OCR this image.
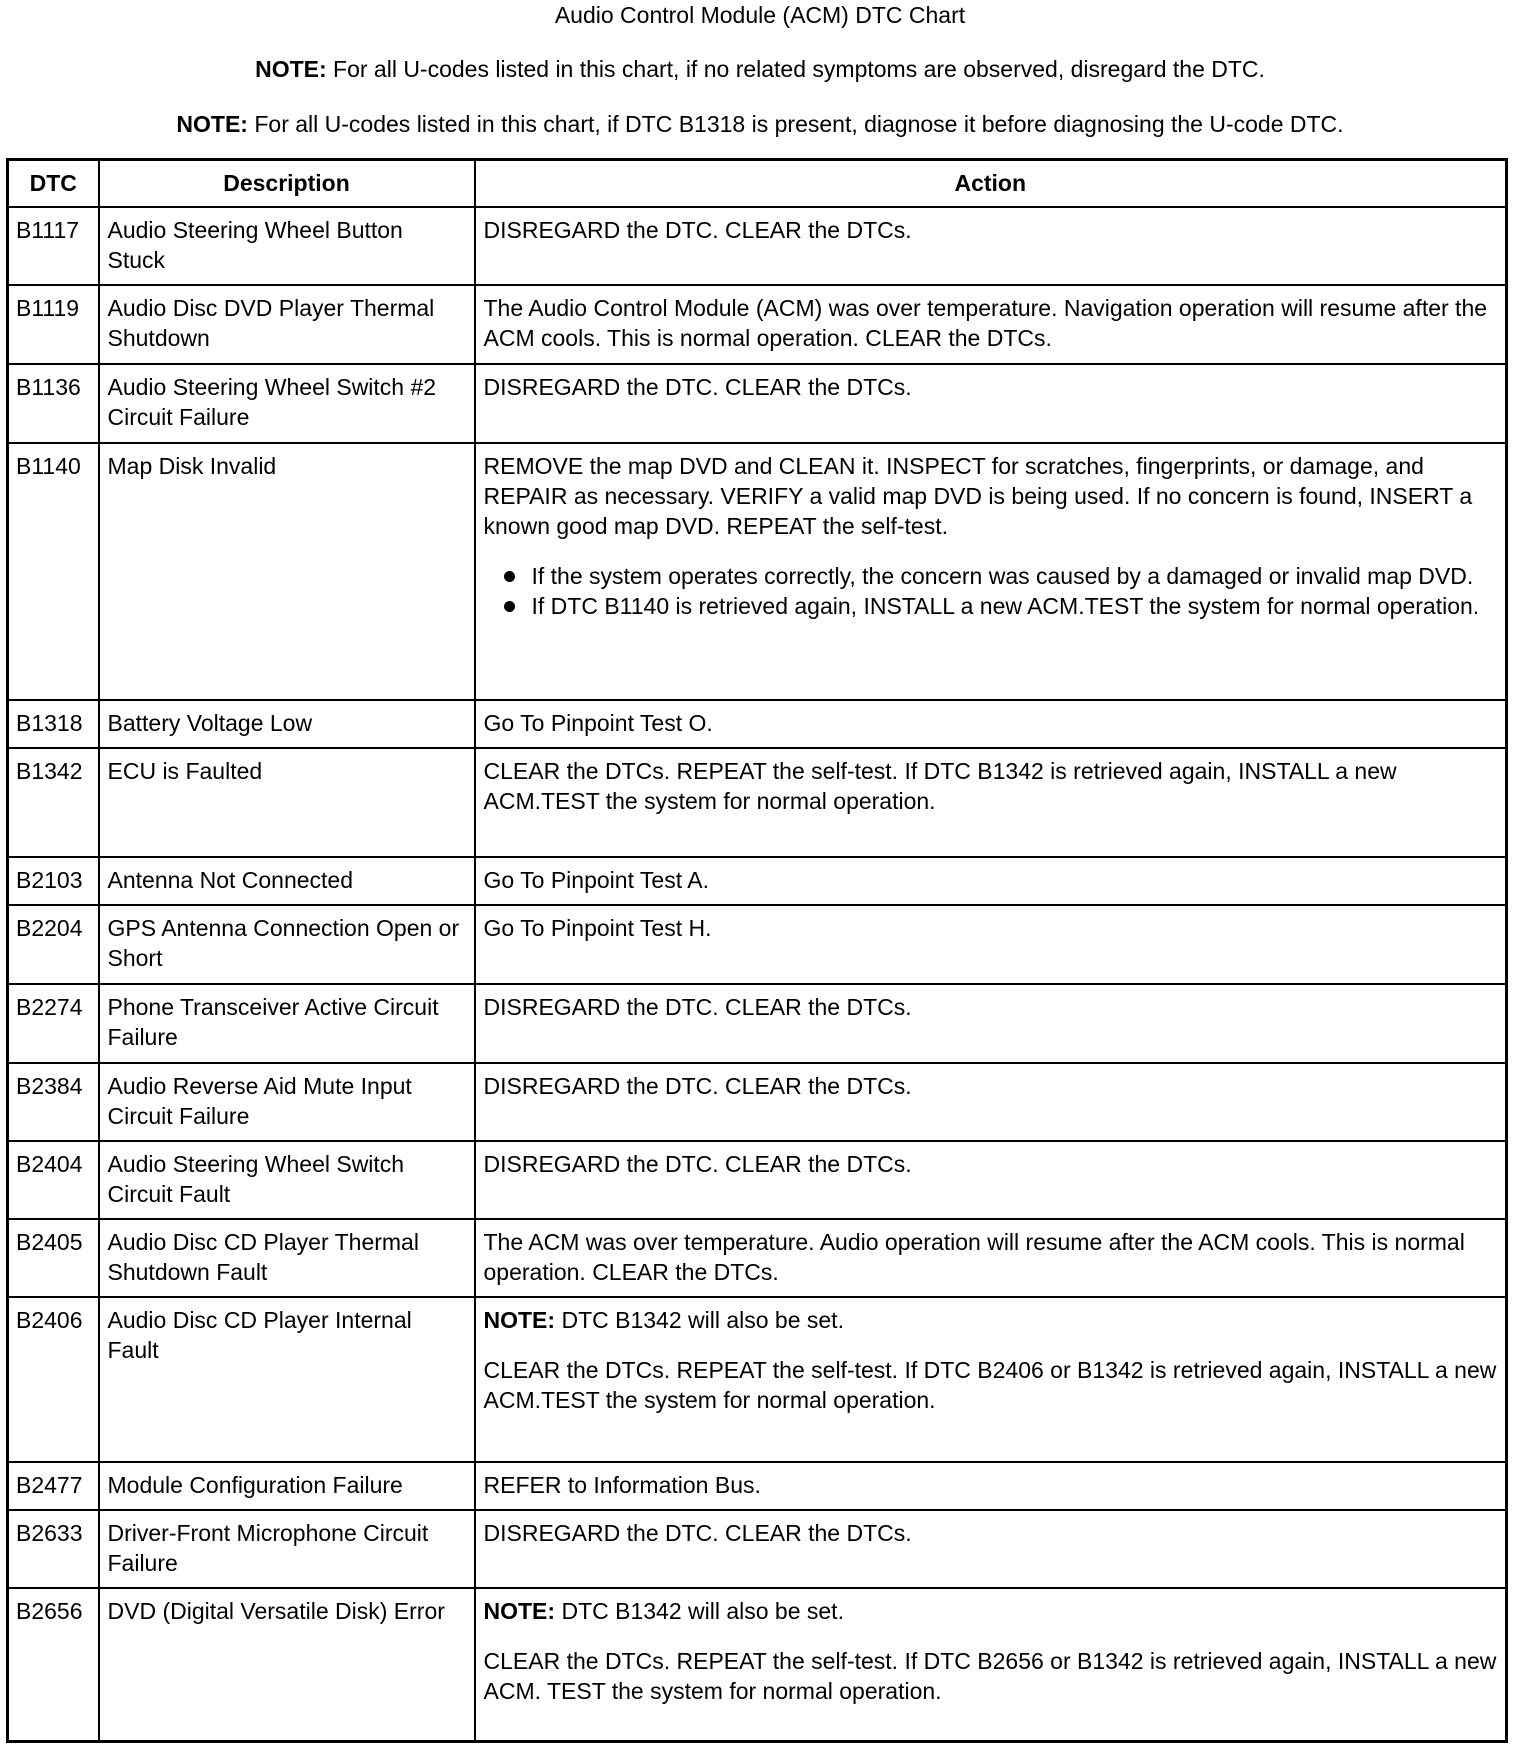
Audio Control Module (ACM) DTC Chart
NOTE: For all U-codes listed in this chart, if no related symptoms are observed, disregard the DTC.
NOTE: For all U-codes listed in this chart, if DTC B1318 is present, diagnose it before diagnosing the U-code DTC.
DTC	Description	Action
B1117	Audio Steering Wheel Button Stuck	DISREGARD the DTC. CLEAR the DTCs.

B1119	Audio Disc DVD Player Thermal Shutdown	The Audio Control Module (ACM) was over temperature. Navigation operation will resume after the ACM cools. This is normal operation. CLEAR the DTCs.

B1136	Audio Steering Wheel Switch #2 Circuit Failure	DISREGARD the DTC. CLEAR the DTCs.

B1140	Map Disk Invalid	REMOVE the map DVD and CLEAN it. INSPECT for scratches, fingerprints, or damage, and REPAIR as necessary. VERIFY a valid map DVD is being used. If no concern is found, INSERT a known good map DVD. REPEAT the self-test.

If the system operates correctly, the concern was caused by a damaged or invalid map DVD.
If DTC B1140 is retrieved again, INSTALL a new ACM.TEST the system for normal operation.

B1318	Battery Voltage Low	Go To Pinpoint Test O.

B1342	ECU is Faulted	CLEAR the DTCs. REPEAT the self-test. If DTC B1342 is retrieved again, INSTALL a new ACM.TEST the system for normal operation.

B2103	Antenna Not Connected	Go To Pinpoint Test A.

B2204	GPS Antenna Connection Open or Short	Go To Pinpoint Test H.

B2274	Phone Transceiver Active Circuit Failure	DISREGARD the DTC. CLEAR the DTCs.

B2384	Audio Reverse Aid Mute Input Circuit Failure	DISREGARD the DTC. CLEAR the DTCs.

B2404	Audio Steering Wheel Switch Circuit Fault	DISREGARD the DTC. CLEAR the DTCs.

B2405	Audio Disc CD Player Thermal Shutdown Fault	The ACM was over temperature. Audio operation will resume after the ACM cools. This is normal operation. CLEAR the DTCs.

B2406	Audio Disc CD Player Internal Fault	NOTE: DTC B1342 will also be set.

CLEAR the DTCs. REPEAT the self-test. If DTC B2406 or B1342 is retrieved again, INSTALL a new ACM.TEST the system for normal operation.

B2477	Module Configuration Failure	REFER to Information Bus.

B2633	Driver-Front Microphone Circuit Failure	DISREGARD the DTC. CLEAR the DTCs.

B2656	DVD (Digital Versatile Disk) Error	NOTE: DTC B1342 will also be set.

CLEAR the DTCs. REPEAT the self-test. If DTC B2656 or B1342 is retrieved again, INSTALL a new ACM. TEST the system for normal operation.
